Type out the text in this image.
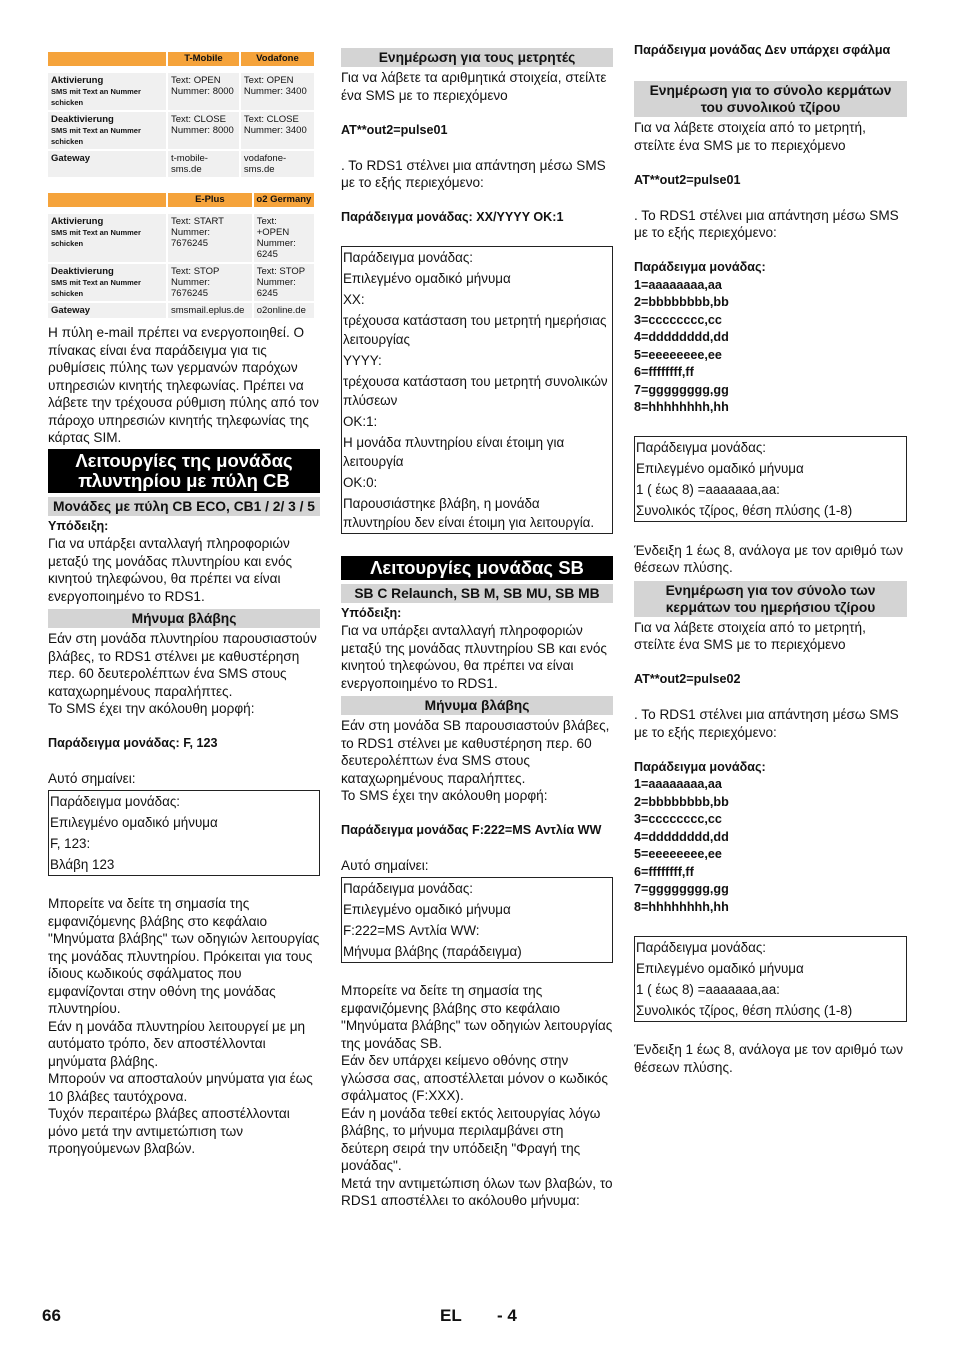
	T-Mobile	Vodafone

Aktivierung
SMS mit Text an Nummer schicken	Text: OPEN Nummer: 8000	Text: OPEN Nummer: 3400
Deaktivierung
SMS mit Text an Nummer schicken	Text: CLOSE Nummer: 8000	Text: CLOSE Nummer: 3400
Gateway	t-mobile-sms.de	vodafone-sms.de
	E-Plus	o2 Germany

Aktivierung
SMS mit Text an Nummer schicken	Text: START Nummer: 7676245	Text: +OPEN Nummer: 6245
Deaktivierung
SMS mit Text an Nummer schicken	Text: STOP Nummer: 7676245	Text: STOP Nummer: 6245
Gateway	smsmail.eplus.de	o2online.de

Η πύλη e-mail πρέπει να ενεργοποιηθεί. Ο πίνακας είναι ένα παράδειγμα για τις ρυθμίσεις πύλης των γερμανών παρόχων υπηρεσιών κινητής τηλεφωνίας. Πρέπει να λάβετε την τρέχουσα ρύθμιση πύλης από τον πάροχο υπηρεσιών κινητής τηλεφωνίας της κάρτας SIM.

Λειτουργίες της μονάδας πλυντηρίου με πύλη CB
Μονάδες με πύλη CB ECO, CB1 / 2/ 3 / 5

Υπόδειξη:

Για να υπάρξει ανταλλαγή πληροφοριών μεταξύ της μονάδας πλυντηρίου και ενός κινητού τηλεφώνου, θα πρέπει να είναι ενεργοποιημένο το RDS1.

Μήνυμα βλάβης

Εάν στη μονάδα πλυντηρίου παρουσιαστούν βλάβες, το RDS1 στέλνει με καθυστέρηση περ. 60 δευτερολέπτων ένα SMS στους καταχωρημένους παραλήπτες.

Το SMS έχει την ακόλουθη μορφή:

Παράδειγμα μονάδας: F, 123

Αυτό σημαίνει:

Παράδειγμα μονάδας:
Επιλεγμένο ομαδικό μήνυμα
F, 123:
Βλάβη 123

Μπορείτε να δείτε τη σημασία της εμφανιζόμενης βλάβης στο κεφάλαιο "Μηνύματα βλάβης" των οδηγιών λειτουργίας της μονάδας πλυντηρίου. Πρόκειται για τους ίδιους κωδικούς σφάλματος που εμφανίζονται στην οθόνη της μονάδας πλυντηρίου.

Εάν η μονάδα πλυντηρίου λειτουργεί με μη αυτόματο τρόπο, δεν αποστέλλονται μηνύματα βλάβης.

Μπορούν να αποσταλούν μηνύματα για έως 10 βλάβες ταυτόχρονα.

Τυχόν περαιτέρω βλάβες αποστέλλονται μόνο μετά την αντιμετώπιση των προηγούμενων βλαβών.

Ενημέρωση για τους μετρητές

Για να λάβετε τα αριθμητικά στοιχεία, στείλτε ένα SMS με το περιεχόμενο

AT**out2=pulse01

. Το RDS1 στέλνει μια απάντηση μέσω SMS με το εξής περιεχόμενο:

Παράδειγμα μονάδας: XX/YYYY OK:1

Παράδειγμα μονάδας:
Επιλεγμένο ομαδικό μήνυμα
XX:
τρέχουσα κατάσταση του μετρητή ημερήσιας λειτουργίας
YYYY:
τρέχουσα κατάσταση του μετρητή συνολικών πλύσεων
OK:1:
Η μονάδα πλυντηρίου είναι έτοιμη για λειτουργία
OK:0:
Παρουσιάστηκε βλάβη, η μονάδα πλυντηρίου δεν είναι έτοιμη για λειτουργία.
Λειτουργίες μονάδας SB
SB C Relaunch, SB M, SB MU, SB MB

Υπόδειξη:

Για να υπάρξει ανταλλαγή πληροφοριών μεταξύ της μονάδας πλυντηρίου SB και ενός κινητού τηλεφώνου, θα πρέπει να είναι ενεργοποιημένο το RDS1.

Μήνυμα βλάβης

Εάν στη μονάδα SB παρουσιαστούν βλάβες, το RDS1 στέλνει με καθυστέρηση περ. 60 δευτερολέπτων ένα SMS στους καταχωρημένους παραλήπτες.

Το SMS έχει την ακόλουθη μορφή:

Παράδειγμα μονάδας F:222=MS Αντλία WW

Αυτό σημαίνει:

Παράδειγμα μονάδας:
Επιλεγμένο ομαδικό μήνυμα
F:222=MS Αντλία WW:
Μήνυμα βλάβης (παράδειγμα)

Μπορείτε να δείτε τη σημασία της εμφανιζόμενης βλάβης στο κεφάλαιο "Μηνύματα βλάβης" των οδηγιών λειτουργίας της μονάδας SB.

Εάν δεν υπάρχει κείμενο οθόνης στην γλώσσα σας, αποστέλλεται μόνον ο κωδικός σφάλματος (F:XXX).

Εάν η μονάδα τεθεί εκτός λειτουργίας λόγω βλάβης, το μήνυμα περιλαμβάνει στη δεύτερη σειρά την υπόδειξη "Φραγή της μονάδας".

Μετά την αντιμετώπιση όλων των βλαβών, το RDS1 αποστέλλει το ακόλουθο μήνυμα:

Παράδειγμα μονάδας Δεν υπάρχει σφάλμα

Ενημέρωση για το σύνολο κερμάτων του συνολικού τζίρου

Για να λάβετε στοιχεία από το μετρητή, στείλτε ένα SMS με το περιεχόμενο

AT**out2=pulse01

. Το RDS1 στέλνει μια απάντηση μέσω SMS με το εξής περιεχόμενο:

Παράδειγμα μονάδας:

1=aaaaaaaa,aa

2=bbbbbbbb,bb

3=cccccccc,cc

4=dddddddd,dd

5=eeeeeeee,ee

6=ffffffff,ff

7=gggggggg,gg

8=hhhhhhhh,hh

Παράδειγμα μονάδας:
Επιλεγμένο ομαδικό μήνυμα
1 ( έως 8) =aaaaaaa,aa:
Συνολικός τζίρος, θέση πλύσης (1-8)

Ένδειξη 1 έως 8, ανάλογα με τον αριθμό των θέσεων πλύσης.

Ενημέρωση για τον σύνολο των κερμάτων του ημερήσιου τζίρου

Για να λάβετε στοιχεία από το μετρητή, στείλτε ένα SMS με το περιεχόμενο

AT**out2=pulse02

. Το RDS1 στέλνει μια απάντηση μέσω SMS με το εξής περιεχόμενο:

Παράδειγμα μονάδας:

1=aaaaaaaa,aa

2=bbbbbbbb,bb

3=cccccccc,cc

4=dddddddd,dd

5=eeeeeeee,ee

6=ffffffff,ff

7=gggggggg,gg

8=hhhhhhhh,hh

Παράδειγμα μονάδας:
Επιλεγμένο ομαδικό μήνυμα
1 ( έως 8) =aaaaaaa,aa:
Συνολικός τζίρος, θέση πλύσης (1-8)

Ένδειξη 1 έως 8, ανάλογα με τον αριθμό των θέσεων πλύσης.

66	EL - 4
